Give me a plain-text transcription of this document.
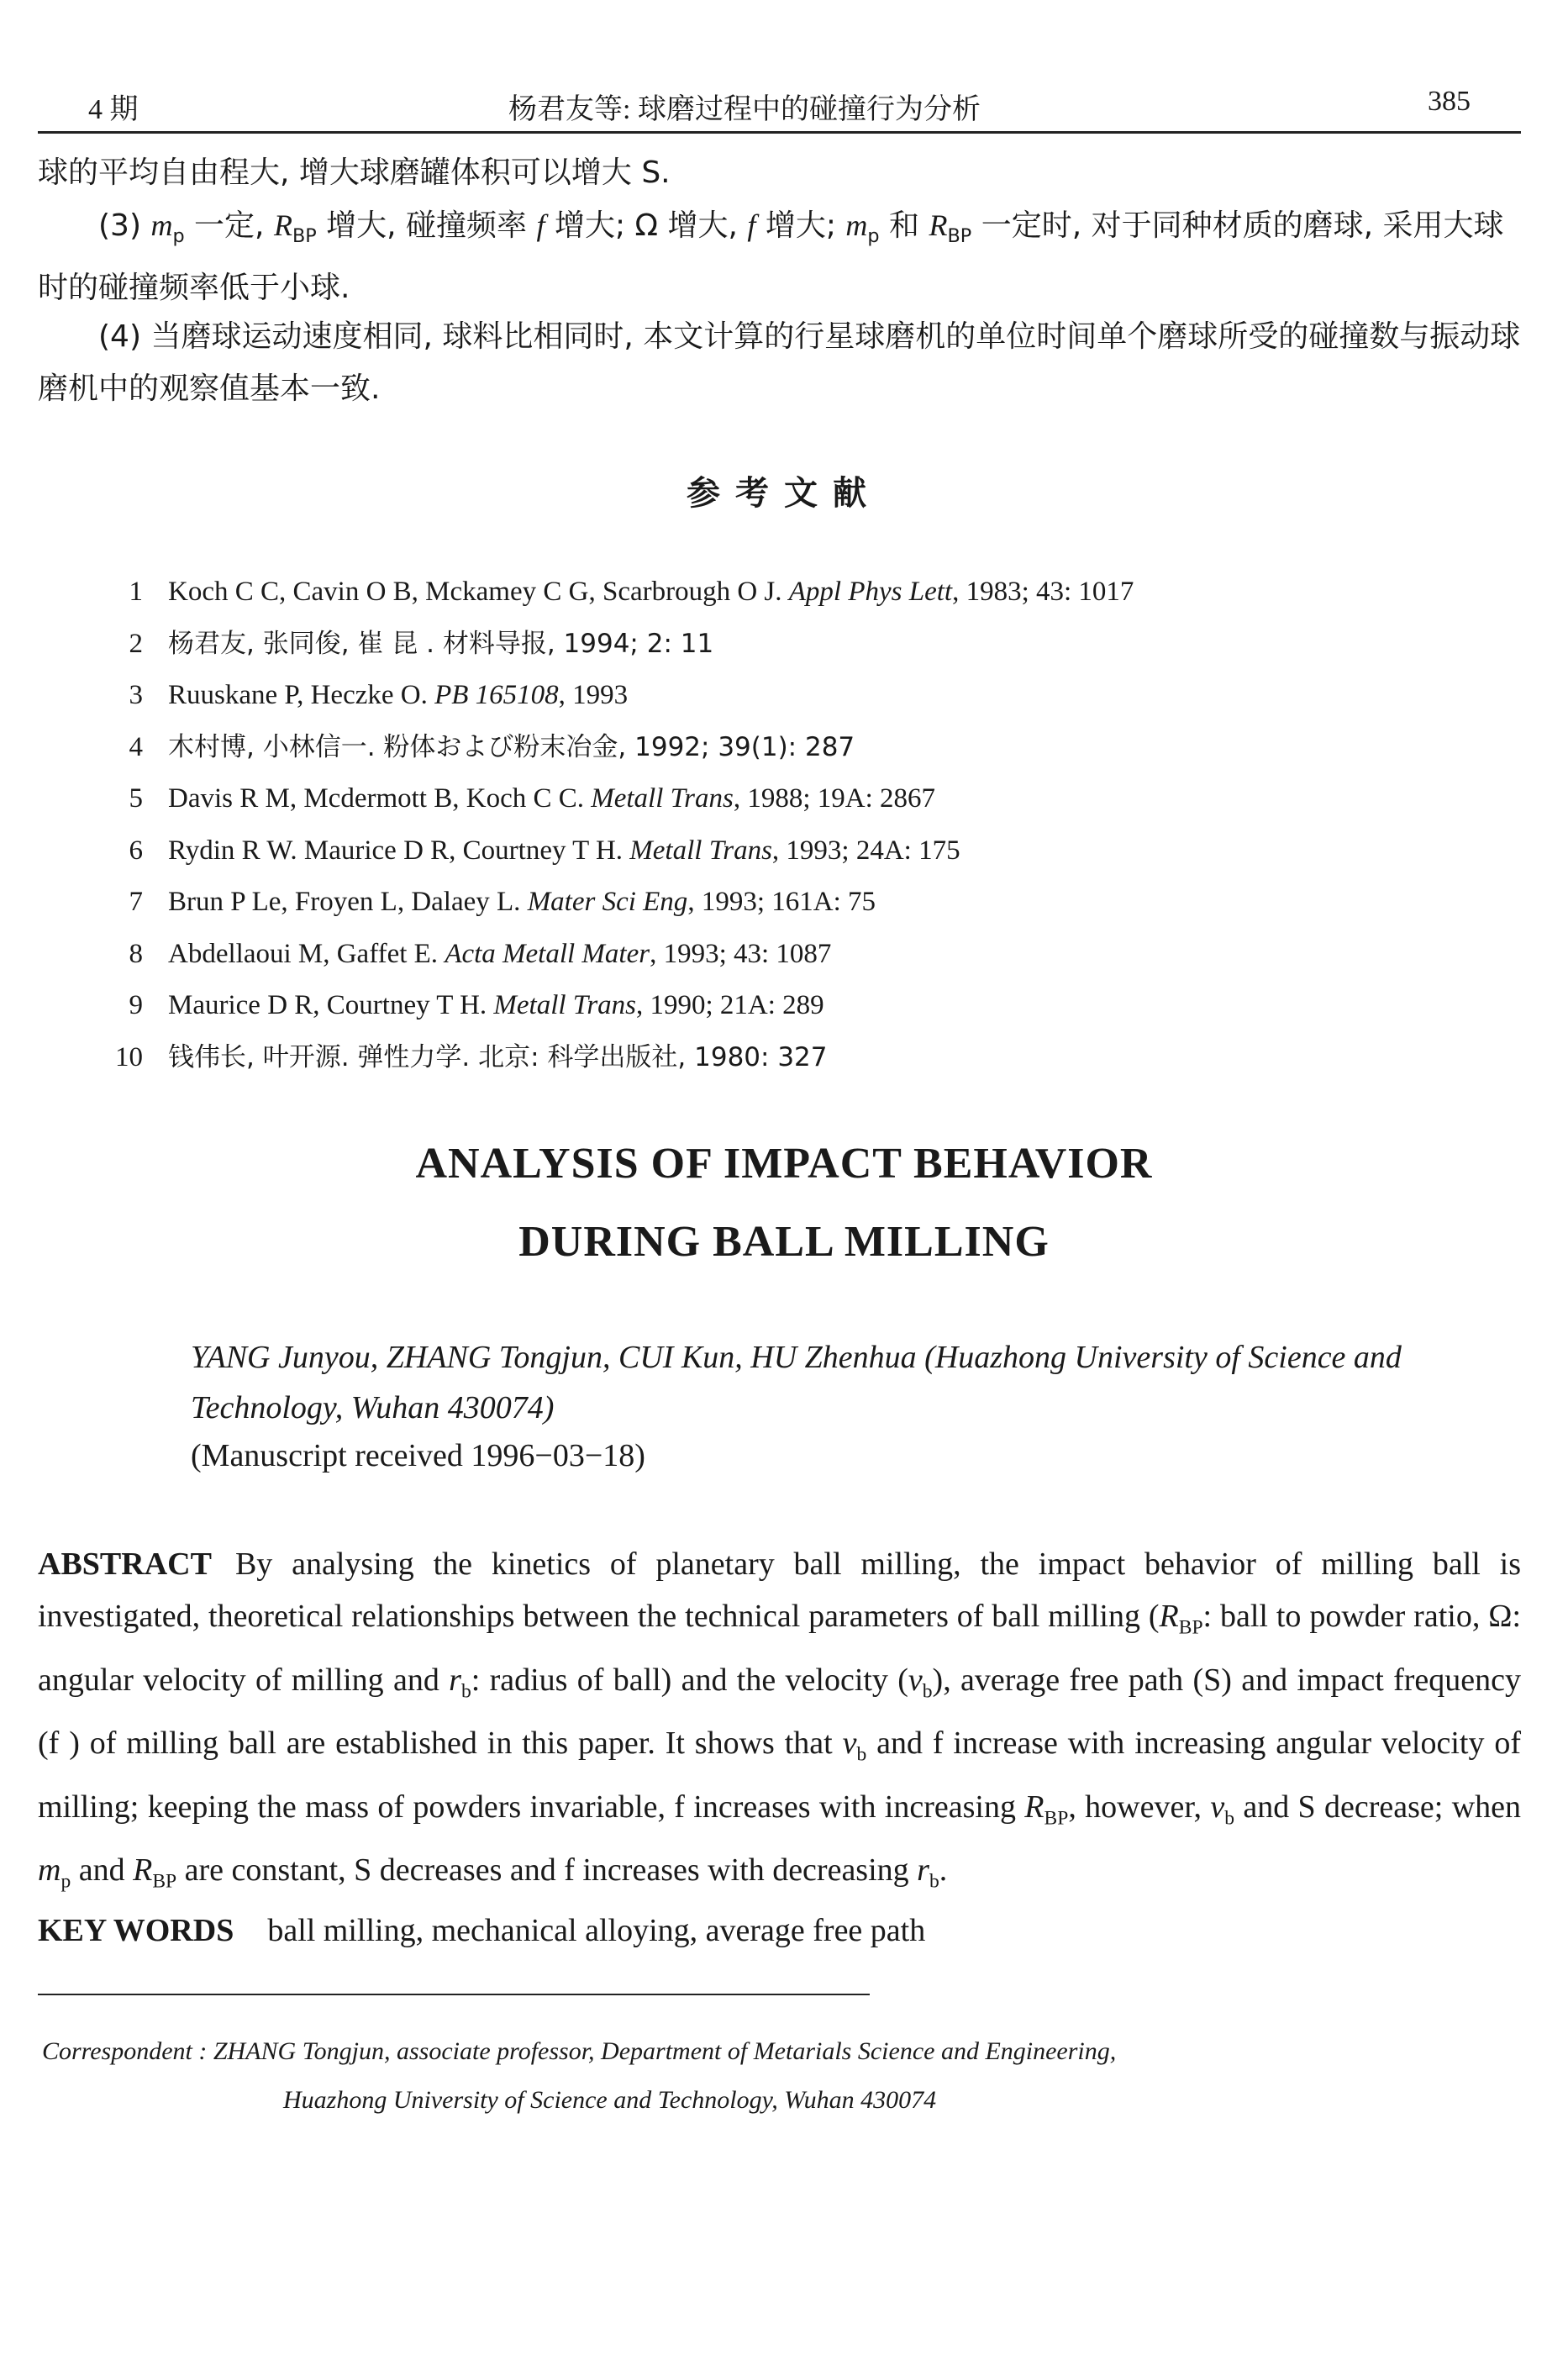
4 期	杨君友等: 球磨过程中的碰撞行为分析	385

球的平均自由程大, 增大球磨罐体积可以增大 S.

(3) $m_p$ 一定, $R_{BP}$ 增大, 碰撞频率 f 增大; Ω 增大, f 增大; $m_p$ 和 $R_{BP}$ 一定时, 对于同种材质的磨球, 采用大球时的碰撞频率低于小球.

(4) 当磨球运动速度相同, 球料比相同时, 本文计算的行星球磨机的单位时间单个磨球所受的碰撞数与振动球磨机中的观察值基本一致.

参考文献
1 Koch C C, Cavin O B, Mckamey C G, Scarbrough O J. Appl Phys Lett, 1983; 43: 1017
2 杨君友, 张同俊, 崔 昆 . 材料导报, 1994; 2: 11
3 Ruuskane P, Heczke O. PB 165108, 1993
4 木村博, 小林信一. 粉体および粉末冶金, 1992; 39(1): 287
5 Davis R M, Mcdermott B, Koch C C. Metall Trans, 1988; 19A: 2867
6 Rydin R W. Maurice D R, Courtney T H. Metall Trans, 1993; 24A: 175
7 Brun P Le, Froyen L, Dalaey L. Mater Sci Eng, 1993; 161A: 75
8 Abdellaoui M, Gaffet E. Acta Metall Mater, 1993; 43: 1087
9 Maurice D R, Courtney T H. Metall Trans, 1990; 21A: 289
10 钱伟长, 叶开源. 弹性力学. 北京: 科学出版社, 1980: 327
ANALYSIS OF IMPACT BEHAVIOR
DURING BALL MILLING

YANG Junyou, ZHANG Tongjun, CUI Kun, HU Zhenhua (Huazhong University of Science and Technology, Wuhan 430074)

(Manuscript received 1996−03−18)

ABSTRACT By analysing the kinetics of planetary ball milling, the impact behavior of milling ball is investigated, theoretical relationships between the technical parameters of ball milling ($R_{BP}$: ball to powder ratio, Ω: angular velocity of milling and $r_b$: radius of ball) and the velocity $(v_b)$, average free path (S) and impact frequency (f ) of milling ball are established in this paper. It shows that $v_b$ and f increase with increasing angular velocity of milling; keeping the mass of powders invariable, f increases with increasing $R_{BP}$, however, $v_b$ and S decrease; when $m_p$ and $R_{BP}$ are constant, S decreases and f increases with decreasing $r_b$.

KEY WORDS ball milling, mechanical alloying, average free path

Correspondent : ZHANG Tongjun, associate professor, Department of Metarials Science and Engineering,
Huazhong University of Science and Technology, Wuhan 430074
